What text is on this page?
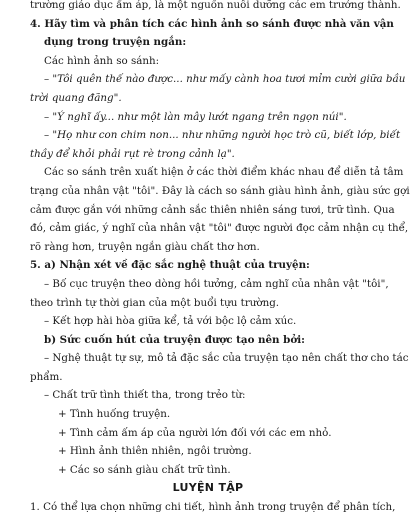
trường giáo dục ấm áp, là một nguồn nuôi dưỡng các em trưởng thành.
4. Hãy tìm và phân tích các hình ảnh so sánh được nhà văn vận
dụng trong truyện ngắn:
Các hình ảnh so sánh:
– "Tôi quên thế nào được... như mấy cành hoa tươi mỉm cười giữa bầu
trời quang đãng".
– "Ý nghĩ ấy... như một làn mây lướt ngang trên ngọn núi".
– "Họ như con chim non... như những người học trò cũ, biết lớp, biết
thầy để khỏi phải rụt rè trong cảnh lạ".
Các so sánh trên xuất hiện ở các thời điểm khác nhau để diễn tả tâm
trạng của nhân vật "tôi". Đây là cách so sánh giàu hình ảnh, giàu sức gợi
cảm được gắn với những cảnh sắc thiên nhiên sáng tươi, trữ tình. Qua
đó, cảm giác, ý nghĩ của nhân vật "tôi" được người đọc cảm nhận cụ thể,
rõ ràng hơn, truyện ngắn giàu chất thơ hơn.
5. a) Nhận xét về đặc sắc nghệ thuật của truyện:
– Bố cục truyện theo dòng hồi tưởng, cảm nghĩ của nhân vật "tôi",
theo trình tự thời gian của một buổi tựu trường.
– Kết hợp hài hòa giữa kể, tả với bộc lộ cảm xúc.
b) Sức cuốn hút của truyện được tạo nên bởi:
– Nghệ thuật tự sự, mô tả đặc sắc của truyện tạo nên chất thơ cho tác
phẩm.
– Chất trữ tình thiết tha, trong trẻo từ:
+ Tình huống truyện.
+ Tình cảm ấm áp của người lớn đối với các em nhỏ.
+ Hình ảnh thiên nhiên, ngôi trường.
+ Các so sánh giàu chất trữ tình.
LUYỆN TẬP
1. Có thể lựa chọn những chi tiết, hình ảnh trong truyện để phân tích,
